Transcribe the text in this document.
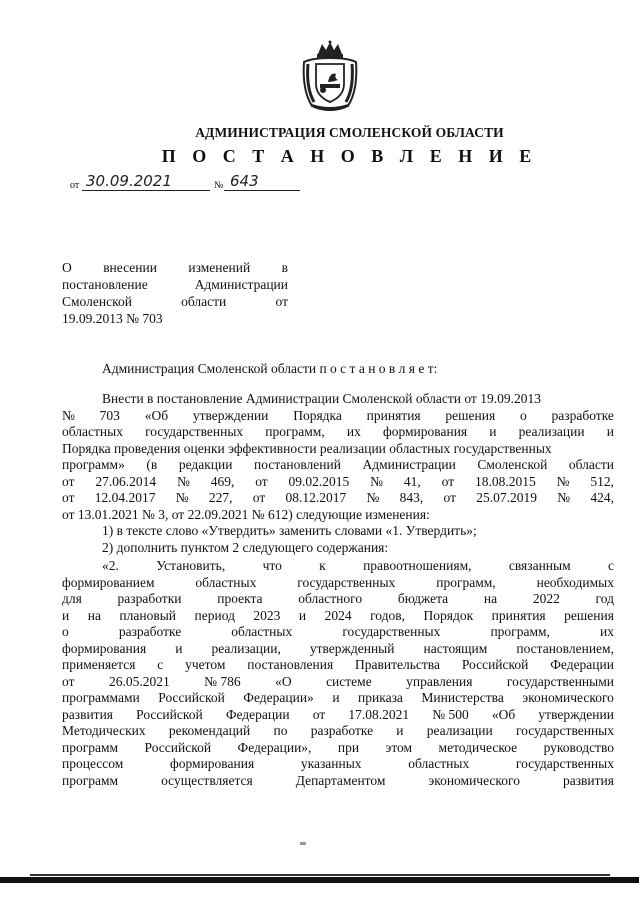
АДМИНИСТРАЦИЯ СМОЛЕНСКОЙ ОБЛАСТИ
П О С Т А Н О В Л Е Н И Е
от 30.09.2021	№ 643
О внесении изменений в
постановление	Администрации
Смоленской	области	от
19.09.2013 № 703
Администрация Смоленской области п о с т а н о в л я е т:
Внести в постановление Администрации Смоленской области от 19.09.2013
№ 703 «Об утверждении Порядка принятия решения о разработке
областных государственных программ, их формирования и реализации и
Порядка проведения оценки эффективности реализации областных государственных
программ» (в редакции постановлений Администрации Смоленской области
от 27.06.2014 № 469, от 09.02.2015 № 41, от 18.08.2015 № 512,
от 12.04.2017 № 227, от 08.12.2017 № 843, от 25.07.2019 № 424,
от 13.01.2021 № 3, от 22.09.2021 № 612) следующие изменения:
1) в тексте слово «Утвердить» заменить словами «1. Утвердить»;
2) дополнить пунктом 2 следующего содержания:
«2.	Установить,	что	к	правоотношениям,	связанным	с
формированием	областных	государственных	программ,	необходимых
для	разработки	проекта	областного	бюджета	на	2022	год
и на плановый период 2023 и 2024 годов, Порядок принятия решения
о	разработке	областных	государственных	программ,	их
формирования и реализации, утвержденный настоящим постановлением,
применяется с учетом постановления Правительства Российской Федерации
от	26.05.2021	№ 786	«О	системе	управления	государственными
программами Российской Федерации» и приказа Министерства экономического
развития Российской Федерации от 17.08.2021 № 500 «Об утверждении
Методических рекомендаций по разработке и реализации государственных
программ Российской Федерации», при этом методическое руководство
процессом	формирования	указанных	областных	государственных
программ	осуществляется	Департаментом	экономического	развития
